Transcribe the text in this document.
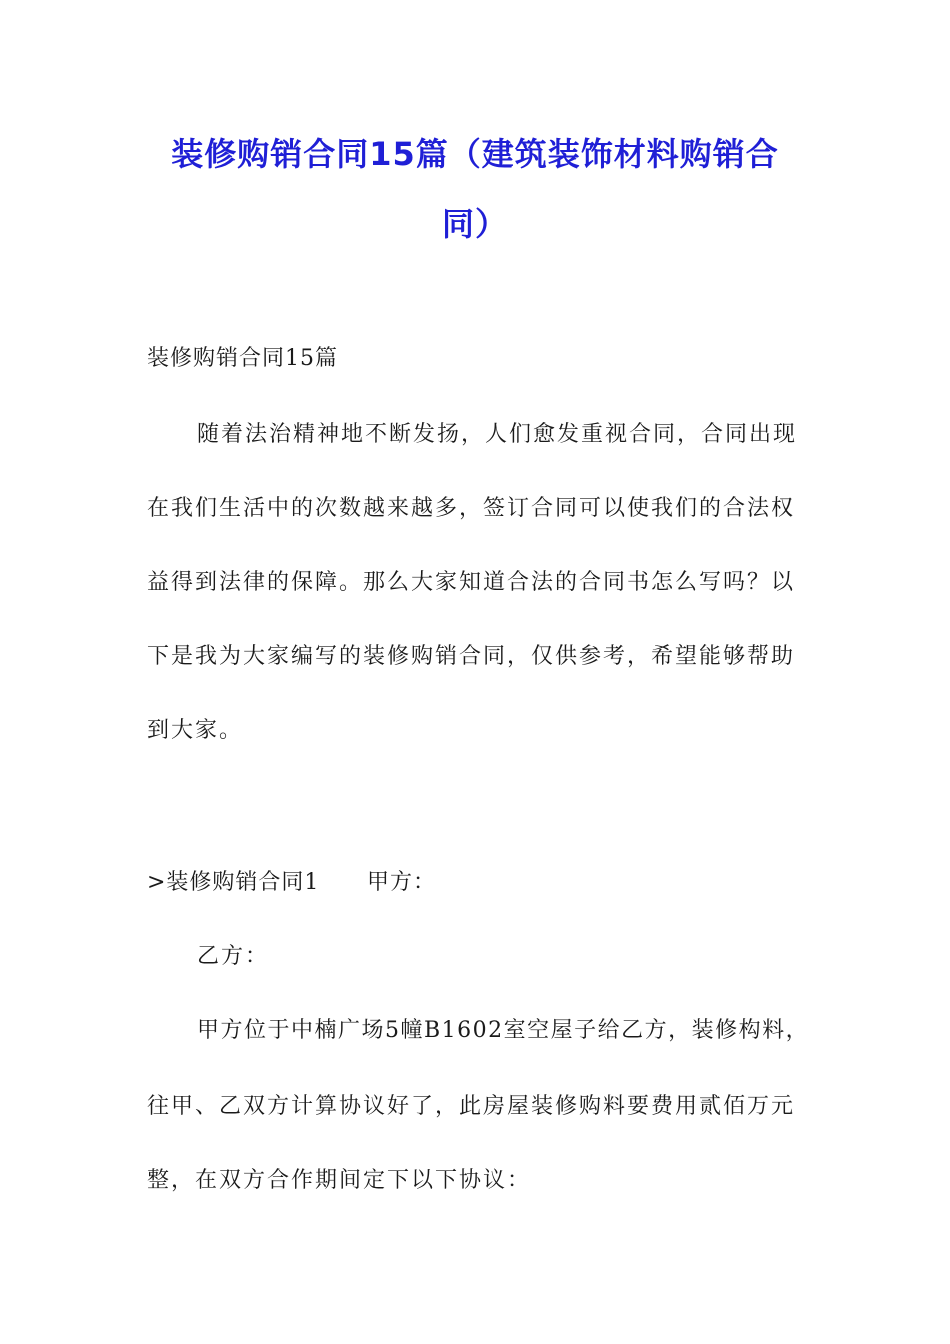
装修购销合同15篇（建筑装饰材料购销合
同）
装修购销合同15篇
随着法治精神地不断发扬，人们愈发重视合同，合同出现
在我们生活中的次数越来越多，签订合同可以使我们的合法权
益得到法律的保障。那么大家知道合法的合同书怎么写吗？以
下是我为大家编写的装修购销合同，仅供参考，希望能够帮助
到大家。
>装修购销合同1 甲方：
乙方：
甲方位于中楠广场5幢B1602室空屋子给乙方，装修构料，
往甲、乙双方计算协议好了，此房屋装修购料要费用贰佰万元
整，在双方合作期间定下以下协议：
